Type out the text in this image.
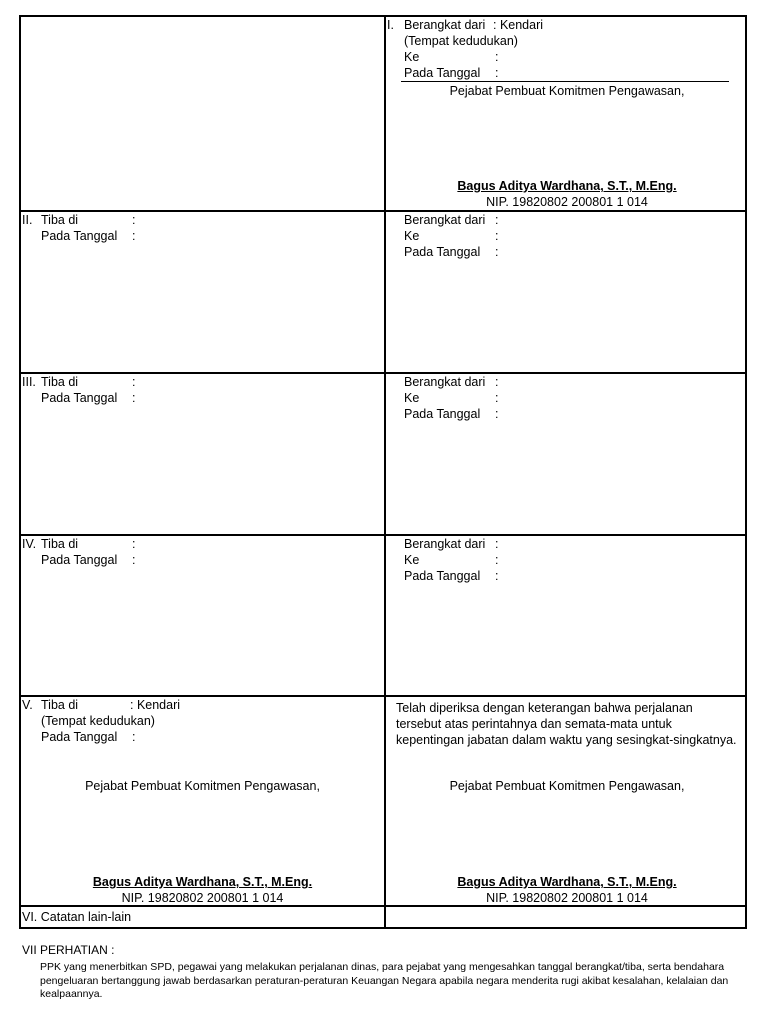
I. Berangkat dari : Kendari
(Tempat kedudukan)
Ke	:
Pada Tanggal :
Pejabat Pembuat Komitmen Pengawasan,
Bagus Aditya Wardhana, S.T., M.Eng.
NIP. 19820802 200801 1 014
II. Tiba di	:
Pada Tanggal :
Berangkat dari :
Ke	:
Pada Tanggal :
III. Tiba di	:
Pada Tanggal :
Berangkat dari :
Ke	:
Pada Tanggal :
IV. Tiba di	:
Pada Tanggal :
Berangkat dari :
Ke	:
Pada Tanggal :
V. Tiba di	: Kendari
(Tempat kedudukan)
Pada Tanggal :
Pejabat Pembuat Komitmen Pengawasan,
Bagus Aditya Wardhana, S.T., M.Eng.
NIP. 19820802 200801 1 014
Telah diperiksa dengan keterangan bahwa perjalanan
tersebut atas perintahnya dan semata-mata untuk
kepentingan jabatan dalam waktu yang sesingkat-singkatnya.
Pejabat Pembuat Komitmen Pengawasan,
Bagus Aditya Wardhana, S.T., M.Eng.
NIP. 19820802 200801 1 014
VI. Catatan lain-lain
VII PERHATIAN :
PPK yang menerbitkan SPD, pegawai yang melakukan perjalanan dinas, para pejabat yang mengesahkan tanggal berangkat/tiba, serta bendahara pengeluaran bertanggung jawab berdasarkan peraturan-peraturan Keuangan Negara apabila negara menderita rugi akibat kesalahan, kelalaian dan kealpaannya.
